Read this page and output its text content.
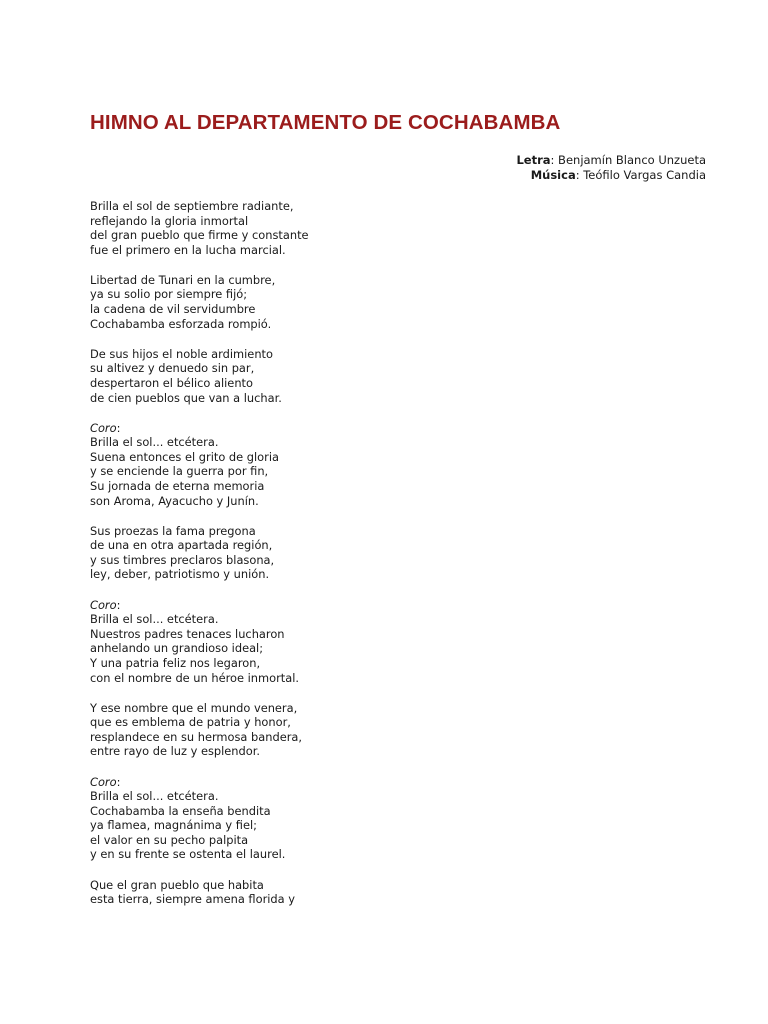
HIMNO AL DEPARTAMENTO DE COCHABAMBA
Letra: Benjamín Blanco Unzueta
Música: Teófilo Vargas Candia
Brilla el sol de septiembre radiante,
reflejando la gloria inmortal
del gran pueblo que firme y constante
fue el primero en la lucha marcial.
Libertad de Tunari en la cumbre,
ya su solio por siempre fijó;
la cadena de vil servidumbre
Cochabamba esforzada rompió.
De sus hijos el noble ardimiento
su altivez y denuedo sin par,
despertaron el bélico aliento
de cien pueblos que van a luchar.
Coro:
Brilla el sol... etcétera.
Suena entonces el grito de gloria
y se enciende la guerra por fin,
Su jornada de eterna memoria
son Aroma, Ayacucho y Junín.
Sus proezas la fama pregona
de una en otra apartada región,
y sus timbres preclaros blasona,
ley, deber, patriotismo y unión.
Coro:
Brilla el sol... etcétera.
Nuestros padres tenaces lucharon
anhelando un grandioso ideal;
Y una patria feliz nos legaron,
con el nombre de un héroe inmortal.
Y ese nombre que el mundo venera,
que es emblema de patria y honor,
resplandece en su hermosa bandera,
entre rayo de luz y esplendor.
Coro:
Brilla el sol... etcétera.
Cochabamba la enseña bendita
ya flamea, magnánima y fiel;
el valor en su pecho palpita
y en su frente se ostenta el laurel.
Que el gran pueblo que habita
esta tierra, siempre amena florida y
